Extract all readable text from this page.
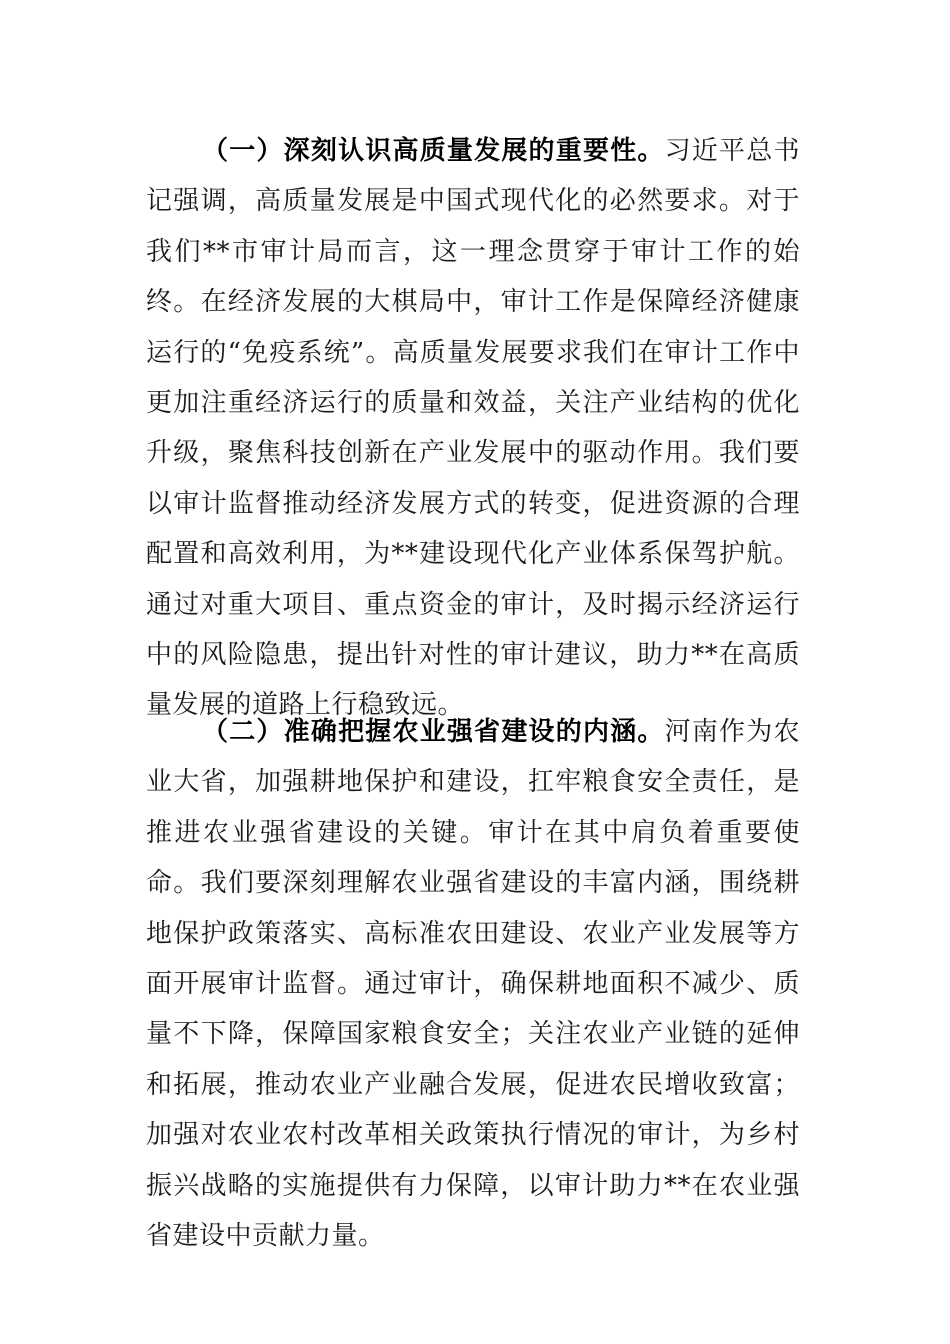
（一）深刻认识高质量发展的重要性。习近平总书记强调，高质量发展是中国式现代化的必然要求。对于我们**市审计局而言，这一理念贯穿于审计工作的始终。在经济发展的大棋局中，审计工作是保障经济健康运行的“免疫系统”。高质量发展要求我们在审计工作中更加注重经济运行的质量和效益，关注产业结构的优化升级，聚焦科技创新在产业发展中的驱动作用。我们要以审计监督推动经济发展方式的转变，促进资源的合理配置和高效利用，为**建设现代化产业体系保驾护航。通过对重大项目、重点资金的审计，及时揭示经济运行中的风险隐患，提出针对性的审计建议，助力**在高质量发展的道路上行稳致远。

（二）准确把握农业强省建设的内涵。河南作为农业大省，加强耕地保护和建设，扛牢粮食安全责任，是推进农业强省建设的关键。审计在其中肩负着重要使命。我们要深刻理解农业强省建设的丰富内涵，围绕耕地保护政策落实、高标准农田建设、农业产业发展等方面开展审计监督。通过审计，确保耕地面积不减少、质量不下降，保障国家粮食安全；关注农业产业链的延伸和拓展，推动农业产业融合发展，促进农民增收致富；加强对农业农村改革相关政策执行情况的审计，为乡村振兴战略的实施提供有力保障，以审计助力**在农业强省建设中贡献力量。
